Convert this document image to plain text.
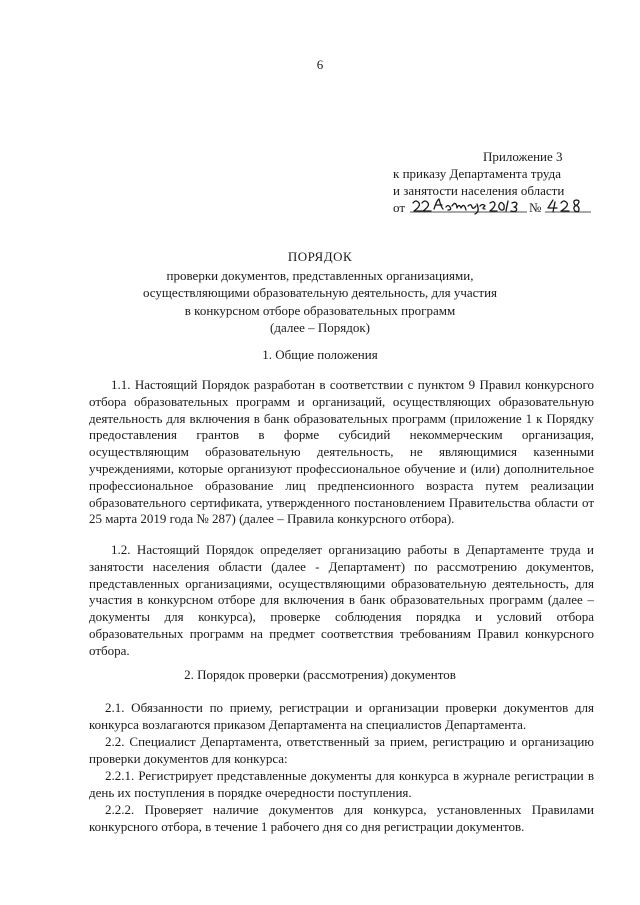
6
Приложение 3
к приказу Департамента труда
и занятости населения области
от	№
ПОРЯДОК
проверки документов, представленных организациями,
осуществляющими образовательную деятельность, для участия
в конкурсном отборе образовательных программ
(далее – Порядок)
1. Общие положения

1.1. Настоящий Порядок разработан в соответствии с пунктом 9 Правил конкурсного отбора образовательных программ и организаций, осуществляющих образовательную деятельность для включения в банк образовательных программ (приложение 1 к Порядку предоставления грантов в форме субсидий некоммерческим организация, осуществляющим образовательную деятельность, не являющимися казенными учреждениями, которые организуют профессиональное обучение и (или) дополнительное профессиональное образование лиц предпенсионного возраста путем реализации образовательного сертификата, утвержденного постановлением Правительства области от 25 марта 2019 года № 287) (далее – Правила конкурсного отбора).

1.2. Настоящий Порядок определяет организацию работы в Департаменте труда и занятости населения области (далее - Департамент) по рассмотрению документов, представленных организациями, осуществляющими образовательную деятельность, для участия в конкурсном отборе для включения в банк образовательных программ (далее – документы для конкурса), проверке соблюдения порядка и условий отбора образовательных программ на предмет соответствия требованиям Правил конкурсного отбора.

2. Порядок проверки (рассмотрения) документов

2.1. Обязанности по приему, регистрации и организации проверки документов для конкурса возлагаются приказом Департамента на специалистов Департамента.

2.2. Специалист Департамента, ответственный за прием, регистрацию и организацию проверки документов для конкурса:

2.2.1. Регистрирует представленные документы для конкурса в журнале регистрации в день их поступления в порядке очередности поступления.

2.2.2. Проверяет наличие документов для конкурса, установленных Правилами конкурсного отбора, в течение 1 рабочего дня со дня регистрации документов.
